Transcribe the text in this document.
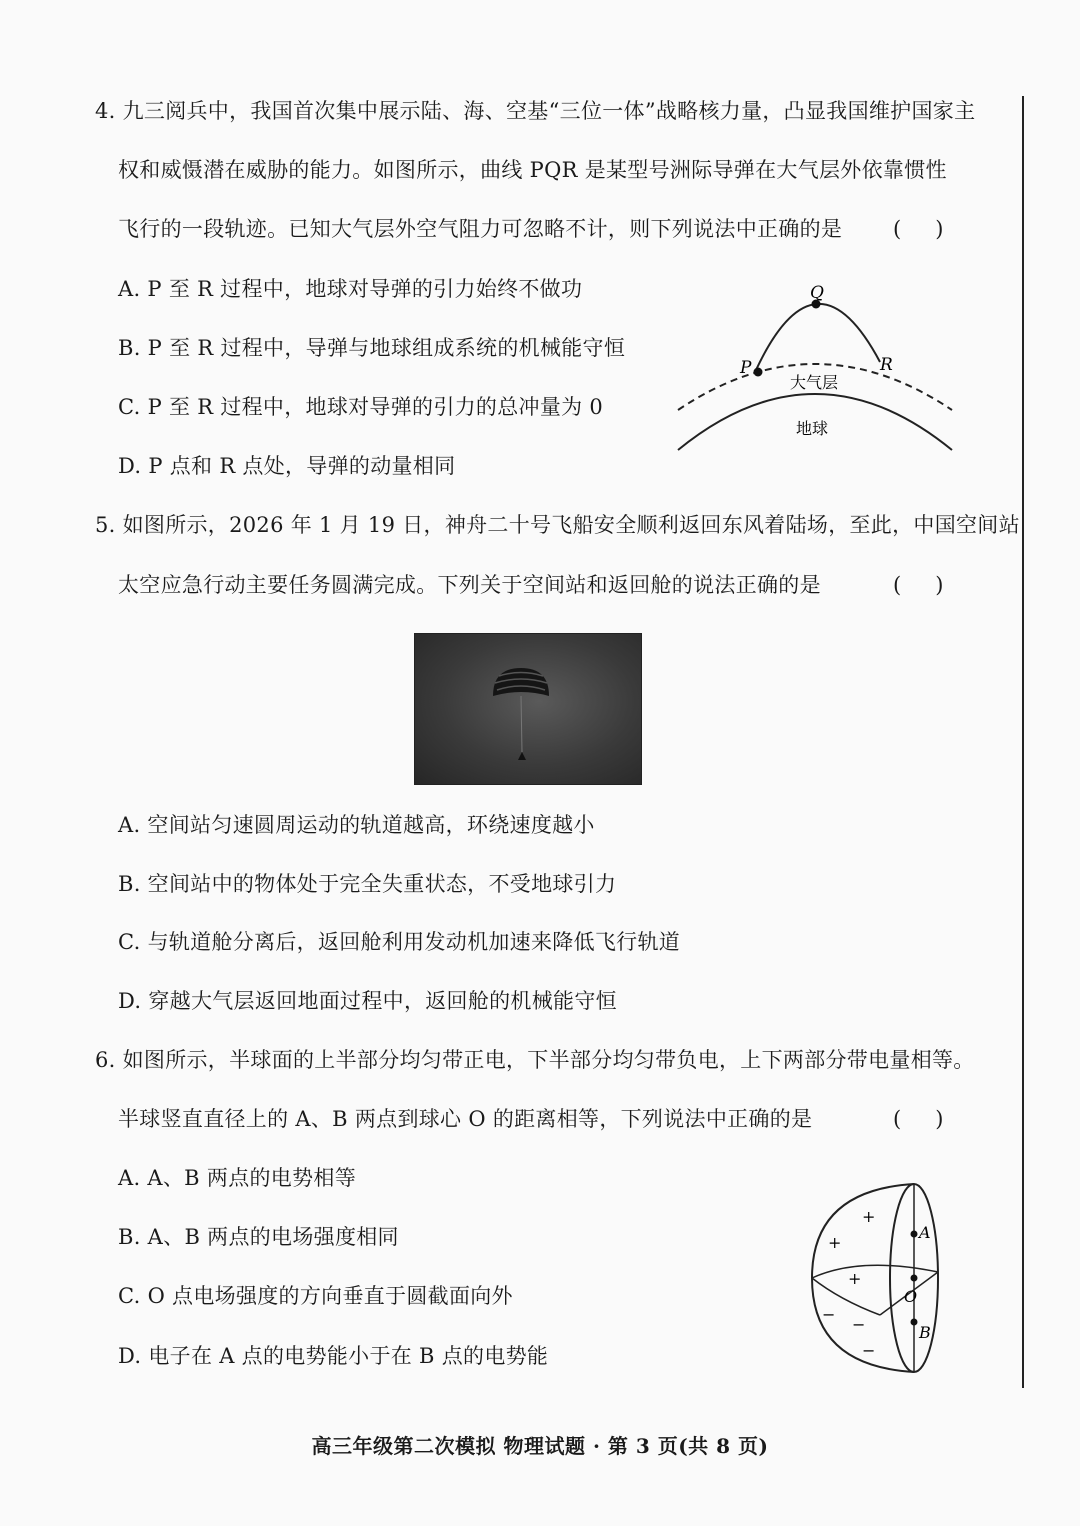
4. 九三阅兵中，我国首次集中展示陆、海、空基“三位一体”战略核力量，凸显我国维护国家主
权和威慑潜在威胁的能力。如图所示，曲线 PQR 是某型号洲际导弹在大气层外依靠惯性
飞行的一段轨迹。已知大气层外空气阻力可忽略不计，则下列说法中正确的是 ()
A. P 至 R 过程中，地球对导弹的引力始终不做功
B. P 至 R 过程中，导弹与地球组成系统的机械能守恒
C. P 至 R 过程中，地球对导弹的引力的总冲量为 0
D. P 点和 R 点处，导弹的动量相同
Q
P	R
大气层
地球
5. 如图所示，2026 年 1 月 19 日，神舟二十号飞船安全顺利返回东风着陆场，至此，中国空间站
太空应急行动主要任务圆满完成。下列关于空间站和返回舱的说法正确的是	()
A. 空间站匀速圆周运动的轨道越高，环绕速度越小
B. 空间站中的物体处于完全失重状态，不受地球引力
C. 与轨道舱分离后，返回舱利用发动机加速来降低飞行轨道
D. 穿越大气层返回地面过程中，返回舱的机械能守恒
6. 如图所示，半球面的上半部分均匀带正电，下半部分均匀带负电，上下两部分带电量相等。
半球竖直直径上的 A、B 两点到球心 O 的距离相等，下列说法中正确的是	()
A. A、B 两点的电势相等
B. A、B 两点的电场强度相同
C. O 点电场强度的方向垂直于圆截面向外
D. 电子在 A 点的电势能小于在 B 点的电势能
A
O
B
+
+
+
−
−
−
高三年级第二次模拟 物理试题 · 第 3 页(共 8 页)
